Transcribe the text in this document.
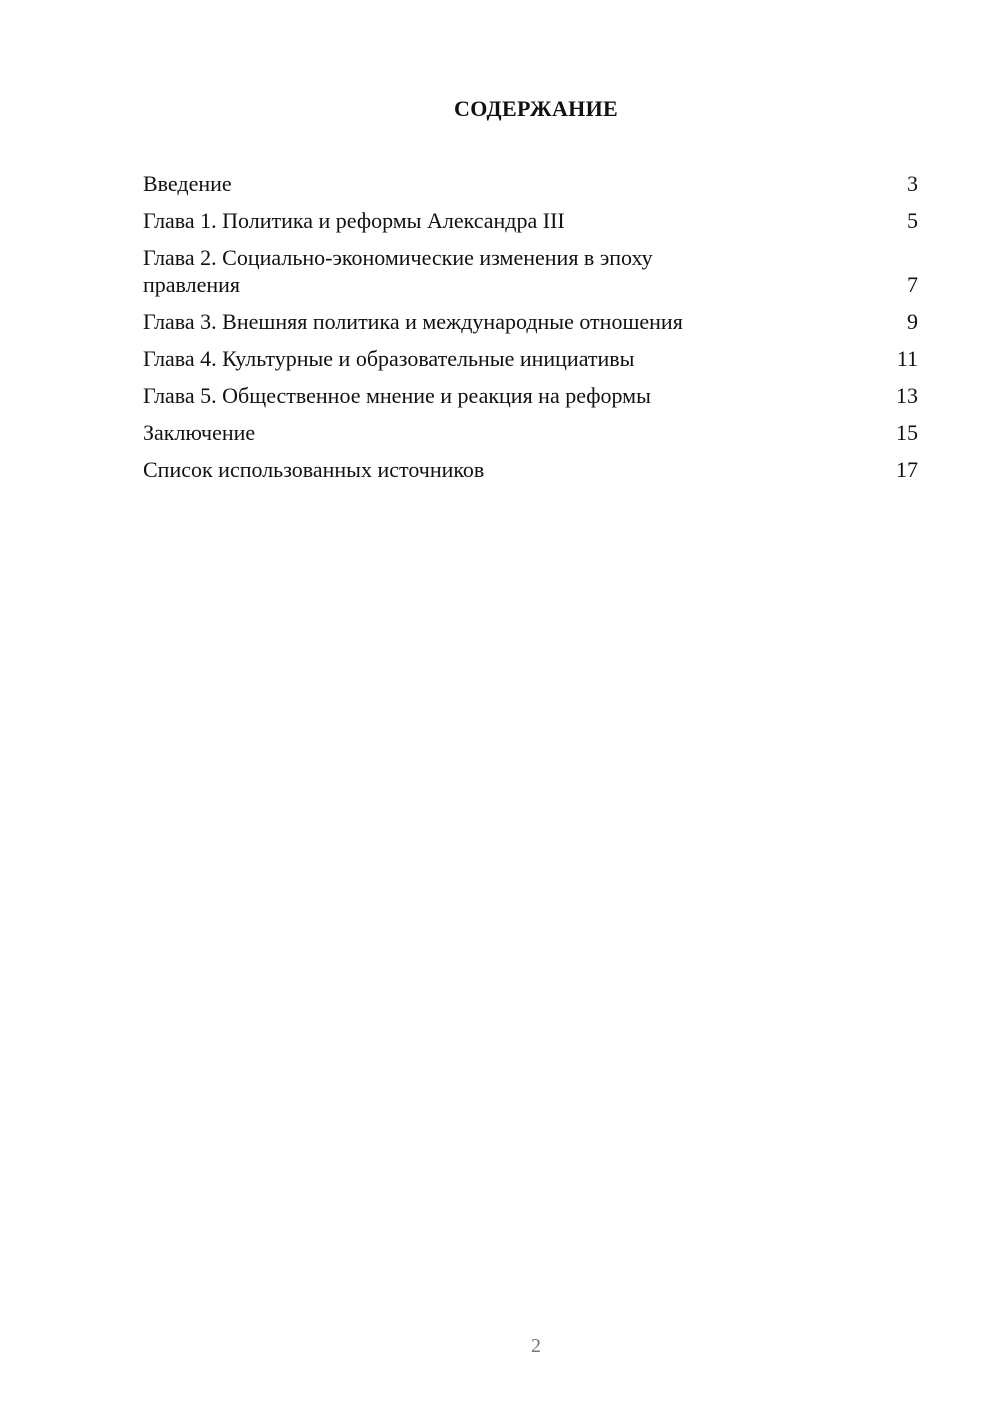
СОДЕРЖАНИЕ
Введение	3
Глава 1. Политика и реформы Александра III	5
Глава 2. Социально-экономические изменения в эпоху правления	7
Глава 3. Внешняя политика и международные отношения	9
Глава 4. Культурные и образовательные инициативы	11
Глава 5. Общественное мнение и реакция на реформы	13
Заключение	15
Список использованных источников	17
2
